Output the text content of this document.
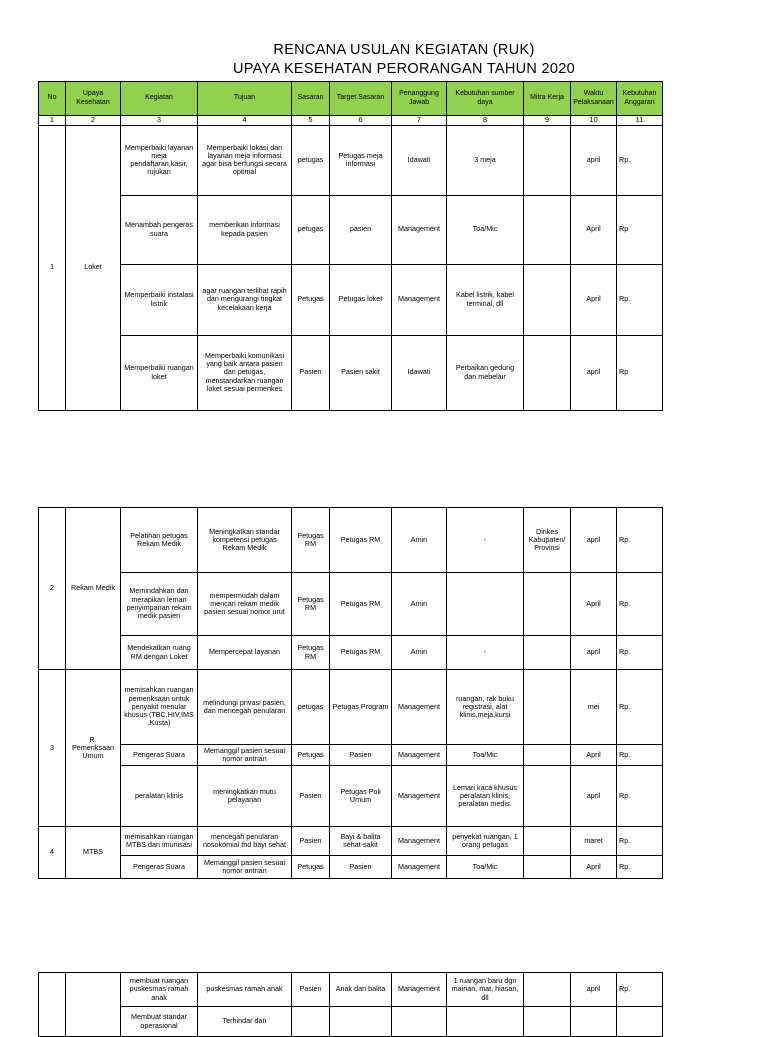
RENCANA USULAN KEGIATAN (RUK)
UPAYA KESEHATAN PERORANGAN TAHUN 2020
No	Upaya Kesehatan	Kegiatan	Tujuan	Sasaran	Target Sasaran	Penanggung Jawab	Kebutuhan sumber daya	Mitra Kerja	Waktu Pelaksanaan	Kebutuhan Anggaran
1	2	3	4	5	6	7	8	9	10	11
1	Loket	Memperbaiki layanan meja pendaftaran,kasir, rujukan	Memperbaiki lokasi dan layanan meja informasi agar bisa berfungsi secara optimal	petugas	Petugas meja informasi	Idawati	3 meja		april	Rp.
		Menambah pengeras suara	memberikan informasi kepada pasien	petugas	pasien	Management	Toa/Mic		April	Rp
		Memperbaiki instalasi listrik	agar ruangan terlihat rapih dan mengurangi tingkat kecelakaan kerja	Petugas	Petugas loket	Management	Kabel listrik, kabel terminal, dll		April	Rp.
		Memperbaiki ruangan loket	Memperbaiki komunikasi yang baik antara pasien dan petugas, menstandarkan ruangan loket sesuai permenkes	Pasien	Pasien sakit	Idawati	Perbaikan gedung dan mebelair		april	Rp
2	Rekam Medik	Pelatihan petugas Rekam Medik	Meningkatkan standar kompetensi petugas Rekam Medik	Petugas RM	Petugas RM	Amin	-	Dinkes Kabupaten/ Provinsi	april	Rp.
		Memindahkan dan merapikan lemari penyimpanan rekam medik pasien	mempermudah dalam mencari rekam medik pasien sesuai nomor urut	Petugas RM	Petugas RM	Amin			April	Rp.
		Mendekatkan ruang RM dengan Loket	Mempercepat layanan	Petugas RM	Petugas RM	Amin	-		april	Rp.
3	R. Pemeriksaan Umum	memisahkan ruangan pemeriksaan untuk penyakit menular khusus (TBC,HIV,IMS ,Kusta)	melindungi privasi pasien, dan mencegah penularan	petugas	Petugas Program	Management	ruangan, rak buku registrasi, alat klinis,meja,kursi		mei	Rp.
		Pengeras Suara	Memanggil pasien sesuai nomor antrian	Petugas	Pasien	Management	Toa/Mic		April	Rp.
		peralatan klinis	meningkatkan mutu pelayanan	Pasien	Petugas Poli Umum	Management	Lemari kaca khusus peralatan klinis, peralatan medis.		april	Rp.
4	MTBS	memisahkan ruangan MTBS dan imunisasi	mencegah penularan nosokomial thd bayi sehat	Pasien	Bayi & balita sehat-sakit	Management	penyekat ruangan, 1 orang petugas		maret	Rp.
		Pengeras Suara	Memanggil pasien sesuai nomor antrian	Petugas	Pasien	Management	Toa/Mic		April	Rp.
		membuat ruangan puskesmas ramah anak	puskesmas ramah anak	Pasien	Anak dan balita	Management	1 ruangan baru dgn mainan, mat, hiasan, dll		april	Rp.
		Membuat standar operasional	Terhindar dari							
